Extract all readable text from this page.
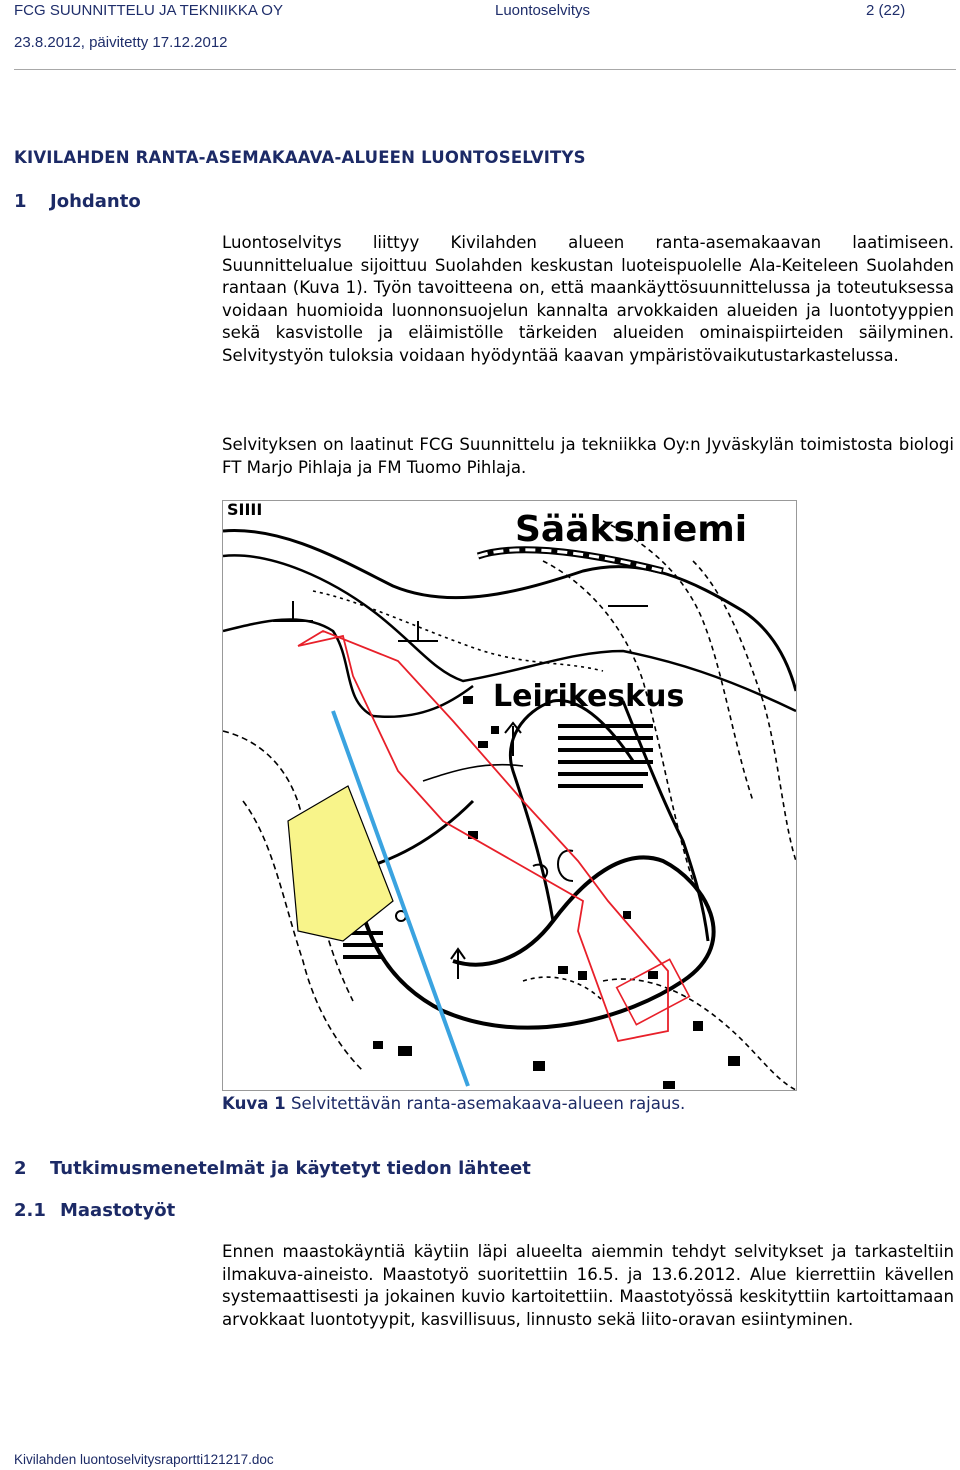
FCG SUUNNITTELU JA TEKNIIKKA OY	Luontoselvitys	2 (22)
23.8.2012, päivitetty 17.12.2012
KIVILAHDEN RANTA-ASEMAKAAVA-ALUEEN LUONTOSELVITYS
1 Johdanto
Luontoselvitys liittyy Kivilahden alueen ranta-asemakaavan laatimiseen. Suunnittelualue sijoittuu Suolahden keskustan luoteispuolelle Ala-Keiteleen Suolahden rantaan (Kuva 1). Työn tavoitteena on, että maankäyttösuunnittelussa ja toteutuksessa voidaan huomioida luonnonsuojelun kannalta arvokkaiden alueiden ja luontotyyppien sekä kasvistolle ja eläimistölle tärkeiden alueiden ominaispiirteiden säilyminen. Selvitystyön tuloksia voidaan hyödyntää kaavan ympäristövaikutustarkastelussa.
Selvityksen on laatinut FCG Suunnittelu ja tekniikka Oy:n Jyväskylän toimistosta biologi FT Marjo Pihlaja ja FM Tuomo Pihlaja.
SIIII	Sääksniemi
Leirikeskus
Kuva 1 Selvitettävän ranta-asemakaava-alueen rajaus.
2 Tutkimusmenetelmät ja käytetyt tiedon lähteet
2.1 Maastotyöt
Ennen maastokäyntiä käytiin läpi alueelta aiemmin tehdyt selvitykset ja tarkasteltiin ilmakuva-aineisto. Maastotyö suoritettiin 16.5. ja 13.6.2012. Alue kierrettiin kävellen systemaattisesti ja jokainen kuvio kartoitettiin. Maastotyössä keskityttiin kartoittamaan arvokkaat luontotyypit, kasvillisuus, linnusto sekä liito-oravan esiintyminen.
Kivilahden luontoselvitysraportti121217.doc
